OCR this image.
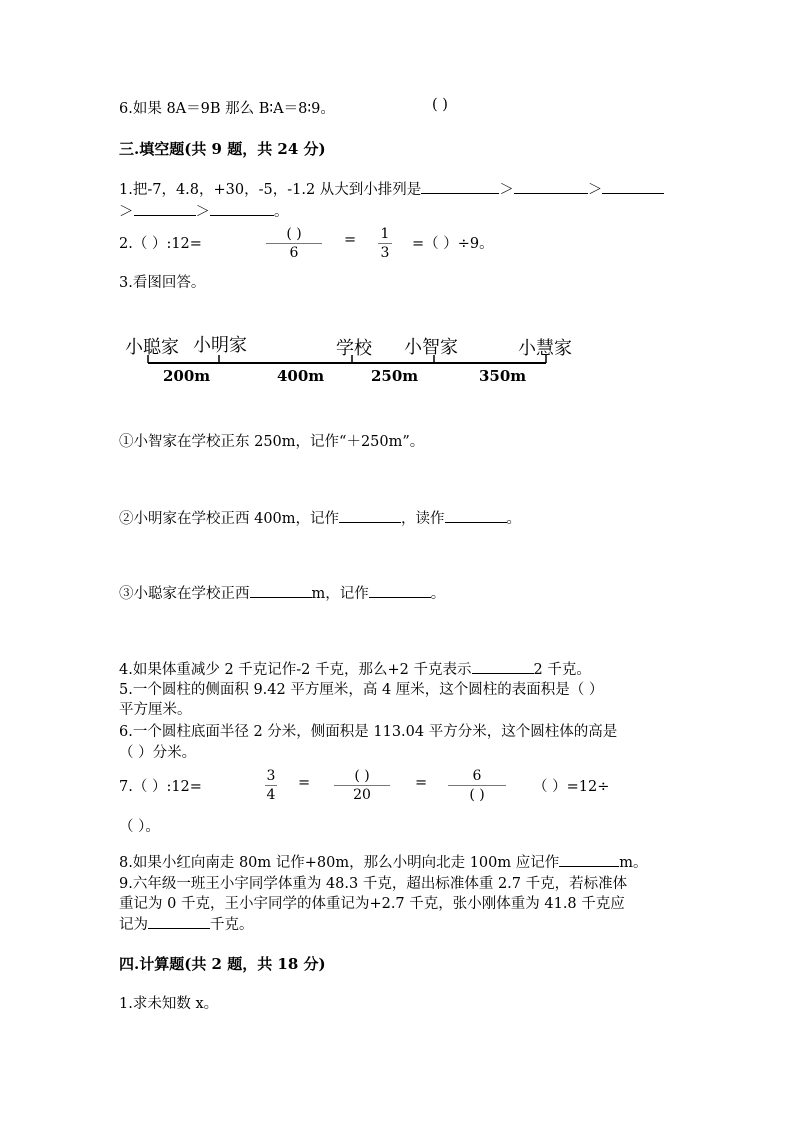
6.如果 8A＝9B 那么 B∶A＝8∶9。	( )
三.填空题(共 9 题，共 24 分)
1.把-7，4.8，+30，-5，-1.2 从大到小排列是	＞	＞
＞	＞	。
2.（ ）:12=
( )
6
= 1
3
=（ ）÷9。
3.看图回答。
小聪家 小明家	学校 小智家	小慧家
200m	400m	250m	350m
①小智家在学校正东 250m，记作“＋250m”。
②小明家在学校正西 400m，记作	，读作	。
③小聪家在学校正西	m，记作	。
4.如果体重减少 2 千克记作-2 千克，那么+2 千克表示	2 千克。
5.一个圆柱的侧面积 9.42 平方厘米，高 4 厘米，这个圆柱的表面积是（ ）
平方厘米。
6.一个圆柱底面半径 2 分米，侧面积是 113.04 平方分米，这个圆柱体的高是
（ ）分米。
7.（ ）:12=
3
4
=	( )
20
=	6
( )	（ ）=12÷
（ ）。
8.如果小红向南走 80m 记作+80m，那么小明向北走 100m 应记作	m。
9.六年级一班王小宇同学体重为 48.3 千克，超出标准体重 2.7 千克，若标准体
重记为 0 千克，王小宇同学的体重记为+2.7 千克，张小刚体重为 41.8 千克应
记为	千克。
四.计算题(共 2 题，共 18 分)
1.求未知数 x。
